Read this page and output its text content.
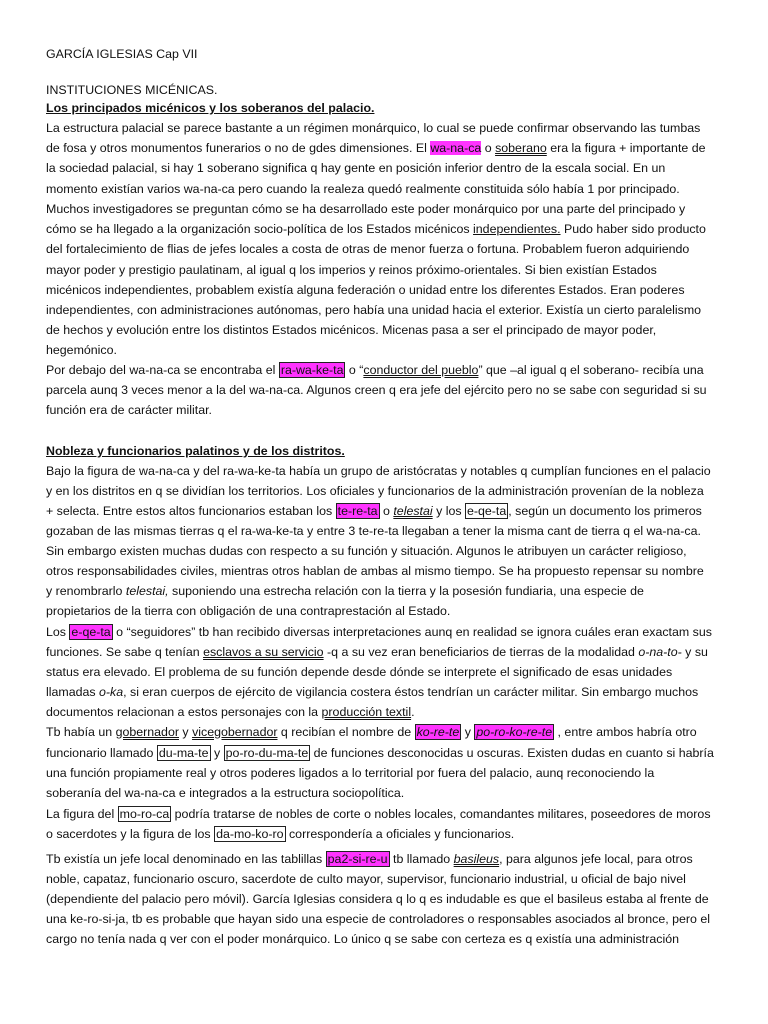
GARCÍA IGLESIAS Cap VII
INSTITUCIONES MICÉNICAS.
Los principados micénicos y los soberanos del palacio.
La estructura palacial se parece bastante a un régimen monárquico, lo cual se puede confirmar observando las tumbas
de fosa y otros monumentos funerarios o no de gdes dimensiones. El wa-na-ca o soberano era la figura + importante de
la sociedad palacial, si hay 1 soberano significa q hay gente en posición inferior dentro de la escala social. En un
momento existían varios wa-na-ca pero cuando la realeza quedó realmente constituida sólo había 1 por principado.
Muchos investigadores se preguntan cómo se ha desarrollado este poder monárquico por una parte del principado y
cómo se ha llegado a la organización socio-política de los Estados micénicos independientes. Pudo haber sido producto
del fortalecimiento de flias de jefes locales a costa de otras de menor fuerza o fortuna. Probablem fueron adquiriendo
mayor poder y prestigio paulatinam, al igual q los imperios y reinos próximo-orientales. Si bien existían Estados
micénicos independientes, probablem existía alguna federación o unidad entre los diferentes Estados. Eran poderes
independientes, con administraciones autónomas, pero había una unidad hacia el exterior. Existía un cierto paralelismo
de hechos y evolución entre los distintos Estados micénicos. Micenas pasa a ser el principado de mayor poder,
hegemónico.
Por debajo del wa-na-ca se encontraba el ra-wa-ke-ta o “conductor del pueblo” que –al igual q el soberano- recibía una
parcela aunq 3 veces menor a la del wa-na-ca. Algunos creen q era jefe del ejército pero no se sabe con seguridad si su
función era de carácter militar.
Nobleza y funcionarios palatinos y de los distritos.
Bajo la figura de wa-na-ca y del ra-wa-ke-ta había un grupo de aristócratas y notables q cumplían funciones en el palacio
y en los distritos en q se dividían los territorios. Los oficiales y funcionarios de la administración provenían de la nobleza
+ selecta. Entre estos altos funcionarios estaban los te-re-ta o telestai y los e-qe-ta , según un documento los primeros
gozaban de las mismas tierras q el ra-wa-ke-ta y entre 3 te-re-ta llegaban a tener la misma cant de tierra q el wa-na-ca.
Sin embargo existen muchas dudas con respecto a su función y situación. Algunos le atribuyen un carácter religioso,
otros responsabilidades civiles, mientras otros hablan de ambas al mismo tiempo. Se ha propuesto repensar su nombre
y renombrarlo telestai, suponiendo una estrecha relación con la tierra y la posesión fundiaria, una especie de
propietarios de la tierra con obligación de una contraprestación al Estado.
Los e-qe-ta o “seguidores” tb han recibido diversas interpretaciones aunq en realidad se ignora cuáles eran exactam sus
funciones. Se sabe q tenían esclavos a su servicio -q a su vez eran beneficiarios de tierras de la modalidad o-na-to- y su
status era elevado. El problema de su función depende desde dónde se interprete el significado de esas unidades
llamadas o-ka, si eran cuerpos de ejército de vigilancia costera éstos tendrían un carácter militar. Sin embargo muchos
documentos relacionan a estos personajes con la producción textil.
Tb había un gobernador y vicegobernador q recibían el nombre de ko-re-te y po-ro-ko-re-te , entre ambos habría otro
funcionario llamado du-ma-te y po-ro-du-ma-te de funciones desconocidas u oscuras. Existen dudas en cuanto si habría
una función propiamente real y otros poderes ligados a lo territorial por fuera del palacio, aunq reconociendo la
soberanía del wa-na-ca e integrados a la estructura sociopolítica.
La figura del mo-ro-ca podría tratarse de nobles de corte o nobles locales, comandantes militares, poseedores de moros
o sacerdotes y la figura de los da-mo-ko-ro correspondería a oficiales y funcionarios.
Tb existía un jefe local denominado en las tablillas pa2-si-re-u tb llamado basileus, para algunos jefe local, para otros
noble, capataz, funcionario oscuro, sacerdote de culto mayor, supervisor, funcionario industrial, u oficial de bajo nivel
(dependiente del palacio pero móvil). García Iglesias considera q lo q es indudable es que el basileus estaba al frente de
una ke-ro-si-ja, tb es probable que hayan sido una especie de controladores o responsables asociados al bronce, pero el
cargo no tenía nada q ver con el poder monárquico. Lo único q se sabe con certeza es q existía una administración
